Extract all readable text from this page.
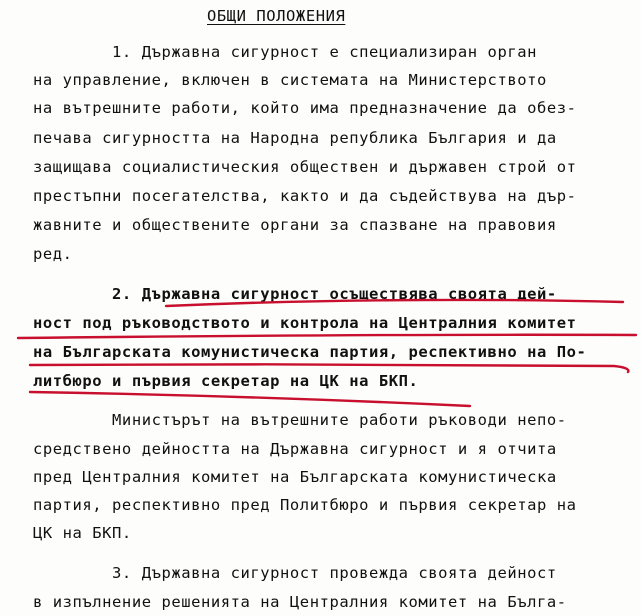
ОБЩИ ПОЛОЖЕНИЯ
1. Държавна сигурност е специализиран орган
на управление, включен в системата на Министерството
на вътрешните работи, който има предназначение да обез-
печава сигурността на Народна република България и да
защищава социалистическия обществен и държавен строй от
престъпни посегателства, както и да съдействува на дър-
жавните и обществените органи за спазване на правовия
ред.
2. Държавна сигурност осъществява своята дей-
ност под ръководството и контрола на Централния комитет
на Българската комунистическа партия, респективно на По-
литбюро и първия секретар на ЦК на БКП.
Министърът на вътрешните работи ръководи непо-
средствено дейността на Държавна сигурност и я отчита
пред Централния комитет на Българската комунистическа
партия, респективно пред Политбюро и първия секретар на
ЦК на БКП.
3. Държавна сигурност провежда своята дейност
в изпълнение решенията на Централния комитет на Бълга-
